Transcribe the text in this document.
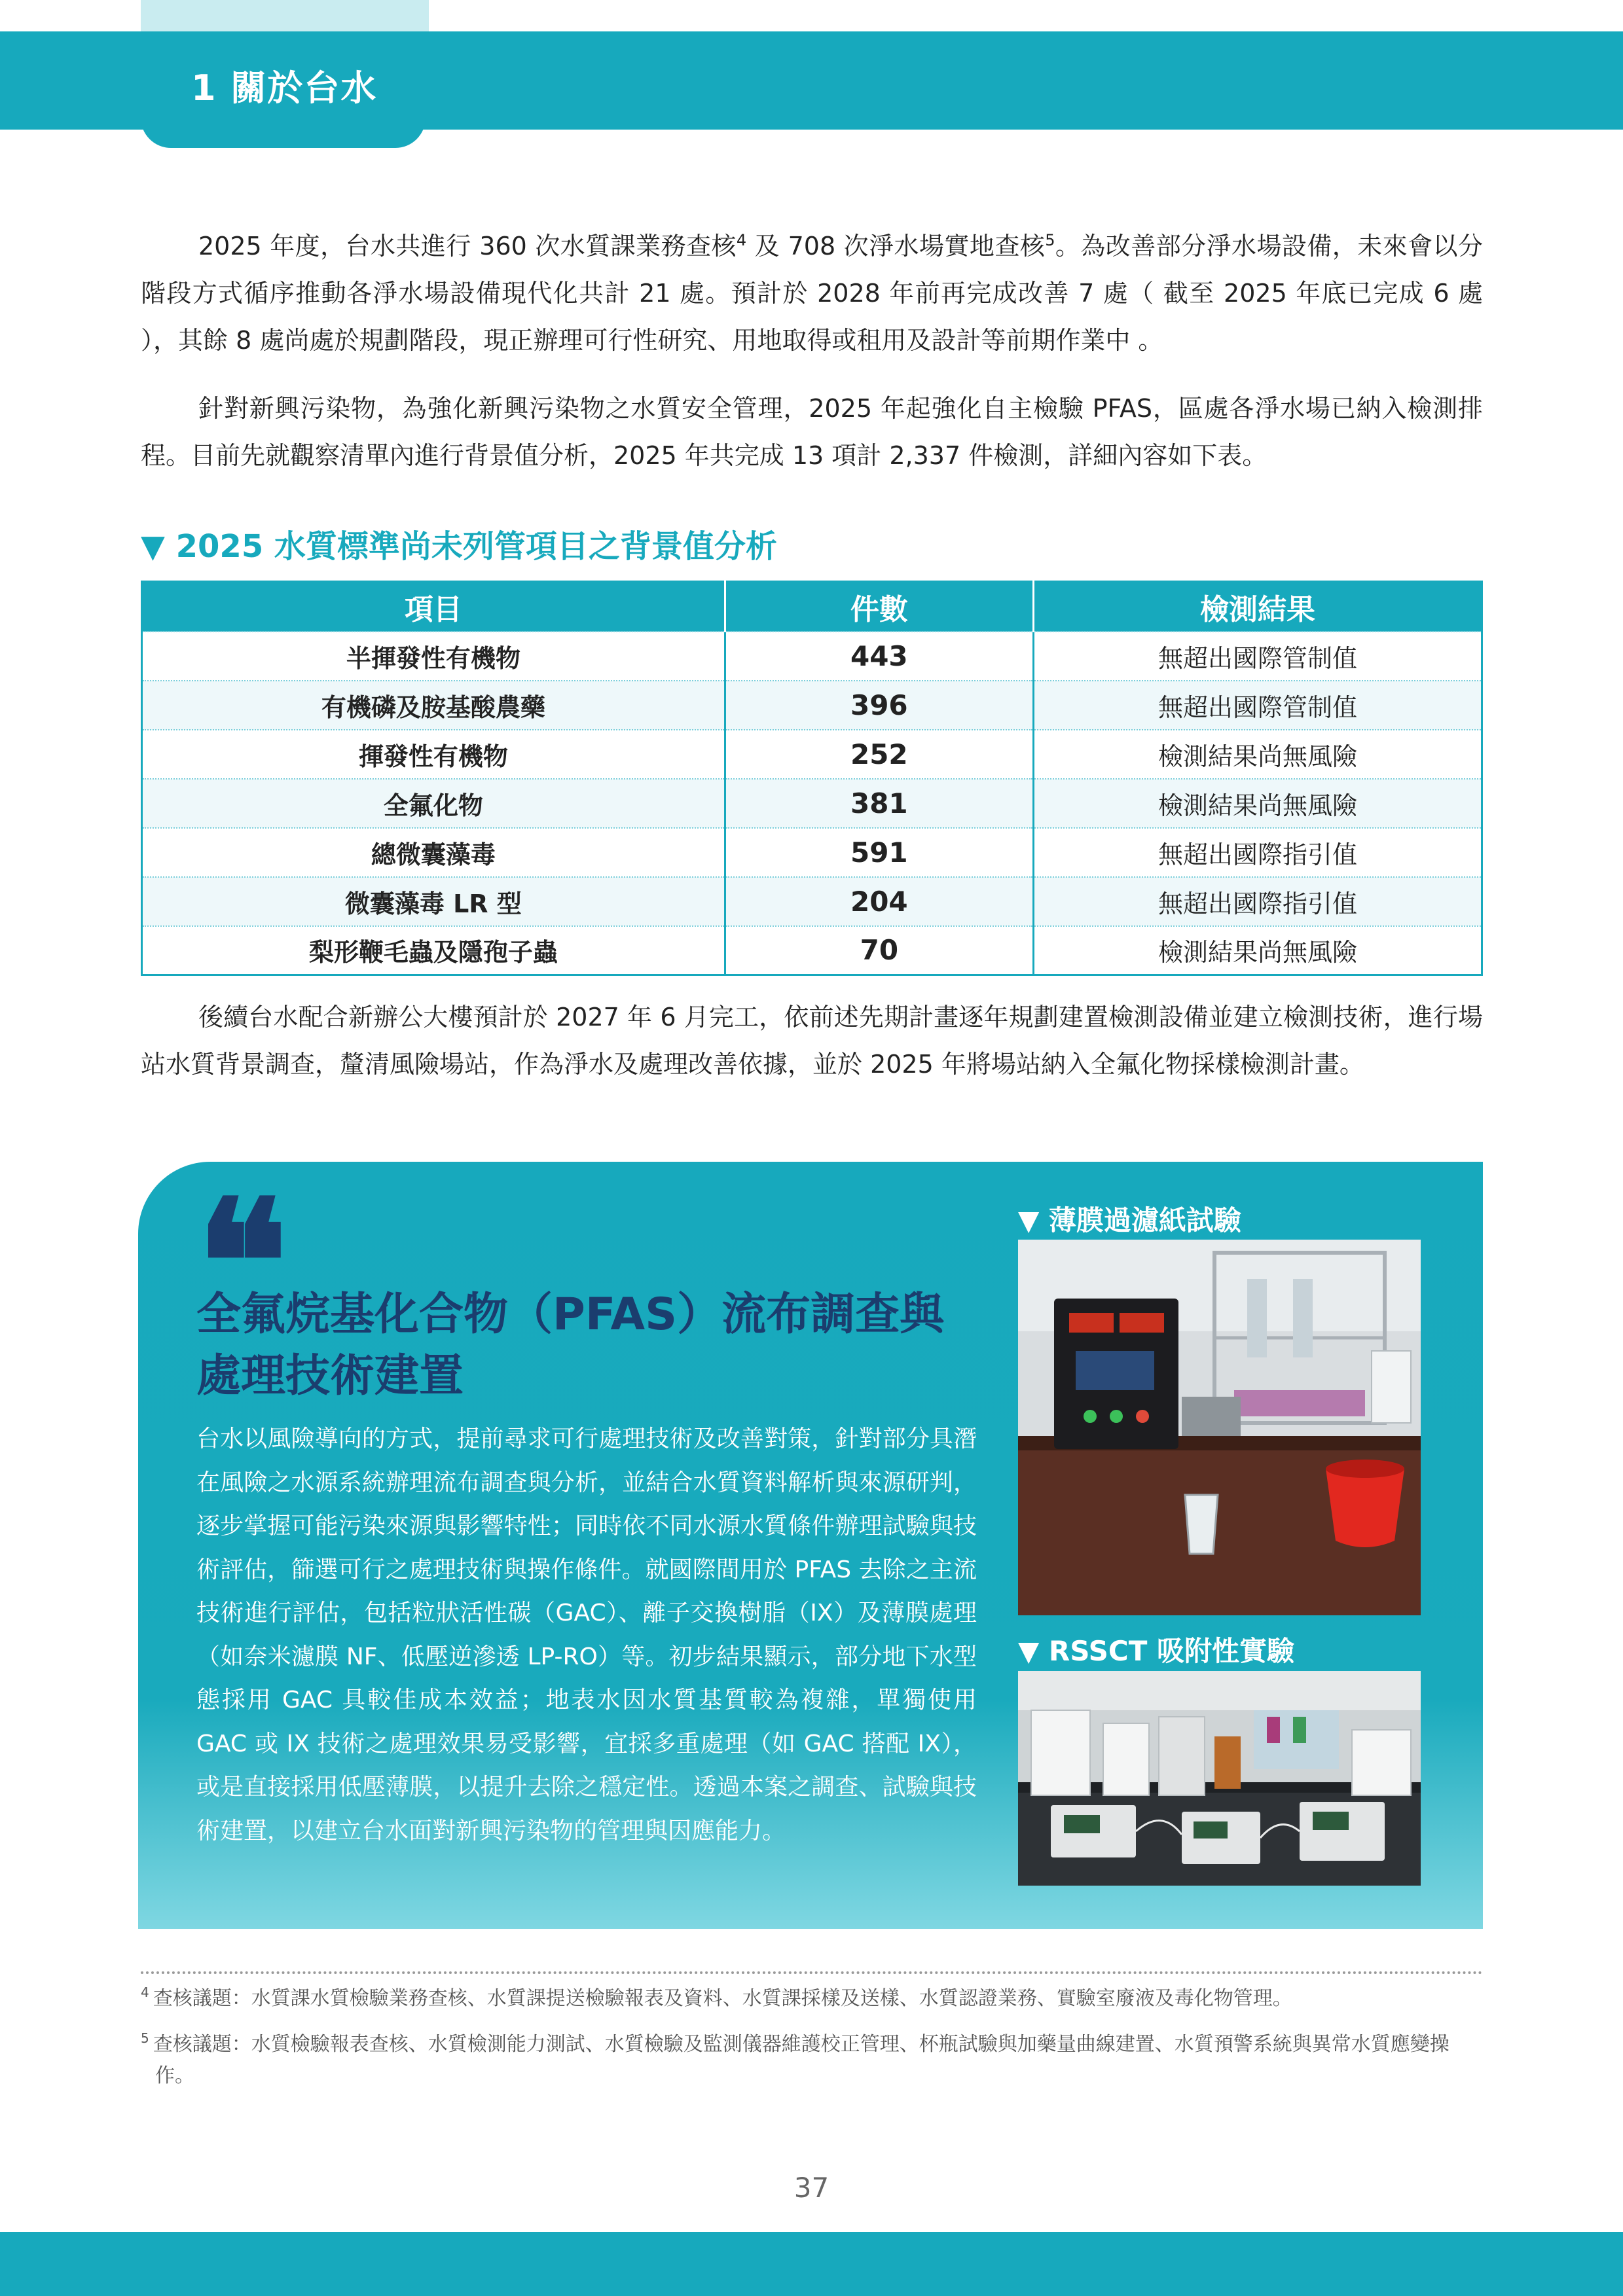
1 關於台水

2025 年度，台水共進行 360 次水質課業務查核$^4$ 及 708 次淨水場實地查核$^5$。為改善部分淨水場設備，未來會以分階段方式循序推動各淨水場設備現代化共計 21 處。預計於 2028 年前再完成改善 7 處（ 截至 2025 年底已完成 6 處 ），其餘 8 處尚處於規劃階段，現正辦理可行性研究、用地取得或租用及設計等前期作業中 。

針對新興污染物，為強化新興污染物之水質安全管理，2025 年起強化自主檢驗 PFAS，區處各淨水場已納入檢測排程。目前先就觀察清單內進行背景值分析，2025 年共完成 13 項計 2,337 件檢測，詳細內容如下表。

▼ 2025 水質標準尚未列管項目之背景值分析
項目	件數	檢測結果
半揮發性有機物	443	無超出國際管制值
有機磷及胺基酸農藥	396	無超出國際管制值
揮發性有機物	252	檢測結果尚無風險
全氟化物	381	檢測結果尚無風險
總微囊藻毒	591	無超出國際指引值
微囊藻毒 LR 型	204	無超出國際指引值
梨形鞭毛蟲及隱孢子蟲	70	檢測結果尚無風險

後續台水配合新辦公大樓預計於 2027 年 6 月完工，依前述先期計畫逐年規劃建置檢測設備並建立檢測技術，進行場站水質背景調查，釐清風險場站，作為淨水及處理改善依據，並於 2025 年將場站納入全氟化物採樣檢測計畫。

❝
全氟烷基化合物（PFAS）流布調查與處理技術建置
台水以風險導向的方式，提前尋求可行處理技術及改善對策，針對部分具潛在風險之水源系統辦理流布調查與分析，並結合水質資料解析與來源研判，逐步掌握可能污染來源與影響特性；同時依不同水源水質條件辦理試驗與技術評估，篩選可行之處理技術與操作條件。就國際間用於 PFAS 去除之主流技術進行評估，包括粒狀活性碳（GAC）、離子交換樹脂（IX）及薄膜處理（如奈米濾膜 NF、低壓逆滲透 LP-RO）等。初步結果顯示，部分地下水型態採用 GAC 具較佳成本效益；地表水因水質基質較為複雜，單獨使用 GAC 或 IX 技術之處理效果易受影響，宜採多重處理（如 GAC 搭配 IX），或是直接採用低壓薄膜，以提升去除之穩定性。透過本案之調查、試驗與技術建置，以建立台水面對新興污染物的管理與因應能力。
▼ 薄膜過濾紙試驗
▼ RSSCT 吸附性實驗

$^4$ 查核議題：水質課水質檢驗業務查核、水質課提送檢驗報表及資料、水質課採樣及送樣、水質認證業務、實驗室廢液及毒化物管理。

$^5$ 查核議題：水質檢驗報表查核、水質檢測能力測試、水質檢驗及監測儀器維護校正管理、杯瓶試驗與加藥量曲線建置、水質預警系統與異常水質應變操作。

37
